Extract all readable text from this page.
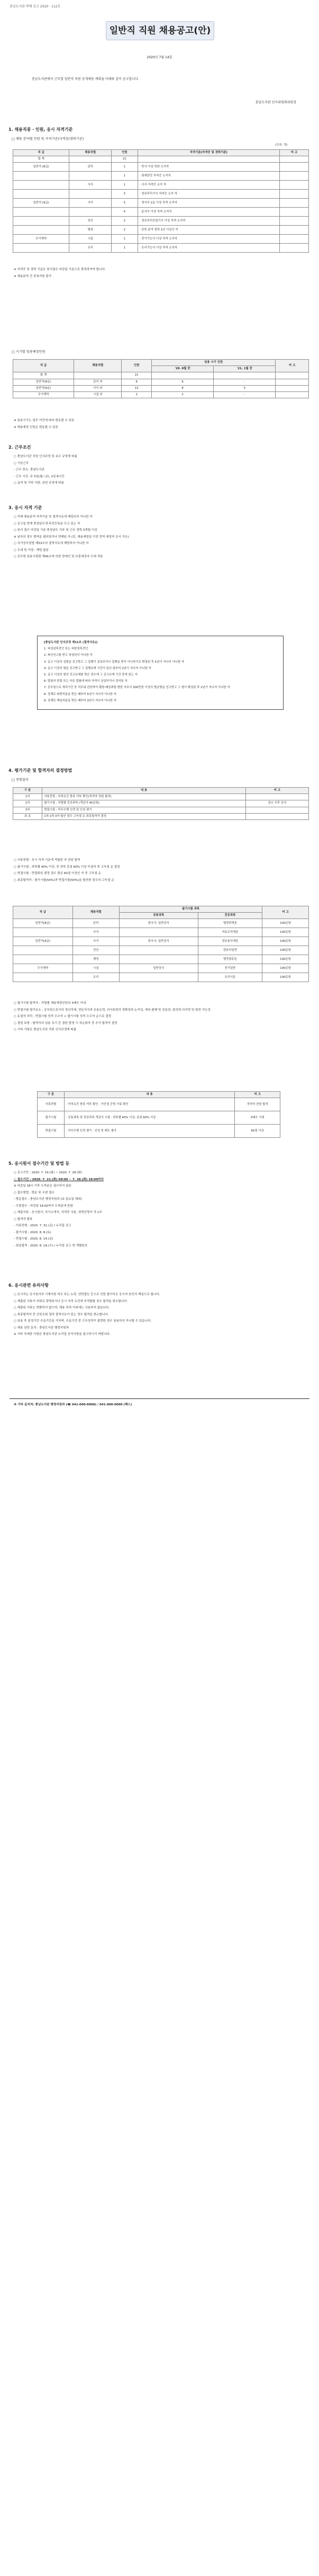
충남도서관 학예 공고 2020 - 112호
일반직 직원 채용공고(안)
2020년 7월 14일
충남도서관에서 근무할 일반직 직원 공개채용 계획을 아래와 같이 공고합니다.
충남도서관 인사위원회위원장
1. 채용직종 · 인원, 응시 자격기준
□ 채용 분야별 인원 및 자격기준(자격증/경력기준)
(단위: 명)
직 급	채용직렬	인원	자격기준(자격증 및 경력기준)	비 고
합 계		21		
일반직 (8급)	관리	1	· 학사 이상 학위 소지자	
		1	· 회계관련 자격증 소지자	
	사서	1	· 사서 자격증 소지 자	
		3	· 정보처리기사 자격증 소지 자	
일반직 (9급)	사서	5	· 정사서 2급 이상 자격 소지자	
		4	· 준사서 이상 자격 소지자	
	전산	2	· 정보처리산업기사 이상 자격 소지자	
	행정	2	· 관련 분야 경력 1년 이상인 자	
무기계약	시설	1	· 전기기능사 이상 자격 소지자	
	조리	1	· 조리기능사 이상 자격 소지자	

※ 자격증 및 경력 기준은 원서접수 마감일 기준으로 충족하여야 합니다.

※ 채용분야 간 중복지원 불가

□ 시기별 임용예정인원
직 급	채용직렬	인원	임용 시기 인원		비 고
			'20. 8월 중	'21. 1월 중	
합 계		21			
일반직(8급)	관리 외	6	6	-	
일반직(9급)	사서 외	13	8	5	
무기계약	시설 외	2	2	-	

※ 임용시기는 업무 여건에 따라 변동될 수 있음

※ 채용예정 인원은 변동될 수 있음

2. 근무조건

○ 충남도서관 직원 인사규정 및 보수 규정에 따름

○ 기본근무

- 근무 장소: 충남도서관

- 근무 시간: 주 5일(월~금), 1일 8시간

○ 급여 및 기타 사항: 관련 규정에 따름

3. 응시 자격 기준

○ 아래 채용분야 자격기준 및 결격사유에 해당되지 아니한 자

○ 공고일 현재 충청남도에 주민등록을 두고 있는 자

○ 원서 접수 마감일 기준 충청남도 거주 및 근무 경력 3개월 이상

※ 남자의 경우 병역을 필하였거나 면제된 자 (단, 채용예정일 이전 전역 예정자 응시 가능)

○ 국가공무원법 제33조의 결격사유에 해당하지 아니한 자

○ 우대 및 가점 : 해당 없음

○ 공무원 임용시험령 제45조에 의한 장애인 및 보훈대상자 우대 적용

[충남도서관 인사규정 제11조 (결격사유)]

1. 피성년후견인 또는 피한정후견인

2. 파산선고를 받고 복권되지 아니한 자

3. 금고 이상의 실형을 선고받고 그 집행이 종료되거나 집행을 받지 아니하기로 확정된 후 5년이 지나지 아니한 자

4. 금고 이상의 형을 선고받고 그 집행유예 기간이 끝난 날부터 2년이 지나지 아니한 자

5. 금고 이상의 형의 선고유예를 받은 경우에 그 선고유예 기간 중에 있는 자

6. 법원의 판결 또는 다른 법률에 따라 자격이 상실되거나 정지된 자

7. 공무원으로 재직기간 중 직무와 관련하여 횡령·배임죄를 범한 자로서 300만원 이상의 벌금형을 선고받고 그 형이 확정된 후 2년이 지나지 아니한 자

8. 징계로 파면처분을 받은 때부터 5년이 지나지 아니한 자

9. 징계로 해임처분을 받은 때부터 3년이 지나지 아니한 자

4. 평가기준 및 합격자의 결정방법
□ 전형절차
구 분	내 용	비 고
1차	서류전형 : 자격요건 충족 여부 확인(적격자 전원 합격)	
2차	필기시험 : 직렬별 전공과목 (객관식 40문항)	장소 추후 공지
3차	면접시험 : 직무수행 능력 및 인성 평가	
최 종	1차·2차·3차 합산 점수 고득점 순 최종합격자 결정	

○ 서류전형 : 응시 자격 기준에 적합한 자 전원 합격

○ 필기시험 : 과목별 40% 이상, 전 과목 총점 60% 이상 득점자 중 고득점 순 결정

○ 면접시험 : 면접위원 평정 점수 평균 60점 이상인 자 중 고득점 순

○ 최종합격자 : 필기시험(50%)과 면접시험(50%)을 합산한 점수의 고득점 순

직 급	채용직렬	필기시험 과목		비 고
		공통과목	전공과목	
일반직(8급)	관리	한국사, 일반상식	행정학개론	100문항
	사서		자료조직개론	100문항
일반직(9급)	사서	한국사, 일반상식	정보봉사개론	100문항
	전산		컴퓨터일반	100문항
	행정		행정법총론	100문항
무기계약	시설	일반상식	전기일반	100문항
	조리		조리이론	100문항

○ 필기시험 합격자 : 직렬별 채용예정인원의 3배수 이내

○ 면접시험 평가요소 : 공무원으로서의 정신자세, 전문지식과 응용능력, 의사표현의 정확성과 논리성, 예의·품행 및 성실성, 창의력·의지력 및 발전 가능성

○ 동점자 처리 : 면접시험 성적 우수자 > 필기시험 성적 우수자 순으로 결정

○ 결원 보충 : 합격자의 임용 포기 등 결원 발생 시 차순위자 중 추가 합격자 결정

○ 기타 사항은 충남도서관 직원 인사규정에 따름

구 분	내 용	비 고
서류전형	· 자격요건 충족 여부 확인 · 가산점 증빙 서류 확인	적격자 전원 합격
필기시험	· 공통과목 및 전공과목 객관식 시험 · 과목별 40% 이상, 총점 60% 이상	3배수 이내
면접시험	· 직무수행 능력 평가 · 인성 및 태도 평가	60점 이상
5. 응시원서 접수기간 및 방법 등

○ 공고기간 : 2020. 7. 14.(화) ~ 2020. 7. 28.(화)

○ 접수기간 : 2020. 7. 21.(화) 09:00 ~ 7. 28.(화) 18:00까지

※ 마감일 18시 이후 도착분은 접수하지 않음

○ 접수방법 : 방문 및 우편 접수

- 방문접수 : 충남도서관 행정지원과 (토·일요일 제외)

- 우편접수 : 마감일 18:00까지 도착분에 한함

○ 제출서류 : 응시원서, 자기소개서, 자격증 사본, 경력증명서 각 1부

○ 합격자 발표

- 서류전형 : 2020. 7. 31.(금) / 누리집 공고

- 필기시험 : 2020. 8. 8.(토)

- 면접시험 : 2020. 8. 14.(금)

- 최종합격 : 2020. 8. 19.(수) / 누리집 공고 및 개별통보

6. 응시관련 유의사항

○ 응시자는 응시원서의 기재사항 착오 또는 누락, 연락불능 등으로 인한 불이익은 응시자 본인의 책임으로 합니다.

○ 제출된 서류가 허위로 판명되거나 응시 자격 요건에 부적합할 경우 합격을 취소합니다.

○ 제출된 서류는 반환하지 않으며, 채용 목적 이외에는 사용하지 않습니다.

○ 최종합격자 중 신원조회 결과 결격사유가 있는 경우 합격을 취소합니다.

○ 임용 후 일정기간 수습기간을 거치며, 수습기간 중 근무성적이 불량한 경우 임용하지 아니할 수 있습니다.

○ 채용 관련 문의 : 충남도서관 행정지원과

※ 기타 자세한 사항은 충남도서관 누리집 공지사항을 참고하시기 바랍니다.

※ 기타 문의처: 충남도서관 행정지원과 (☎ 041-000-0000) / 041-000-0000 (팩스)
